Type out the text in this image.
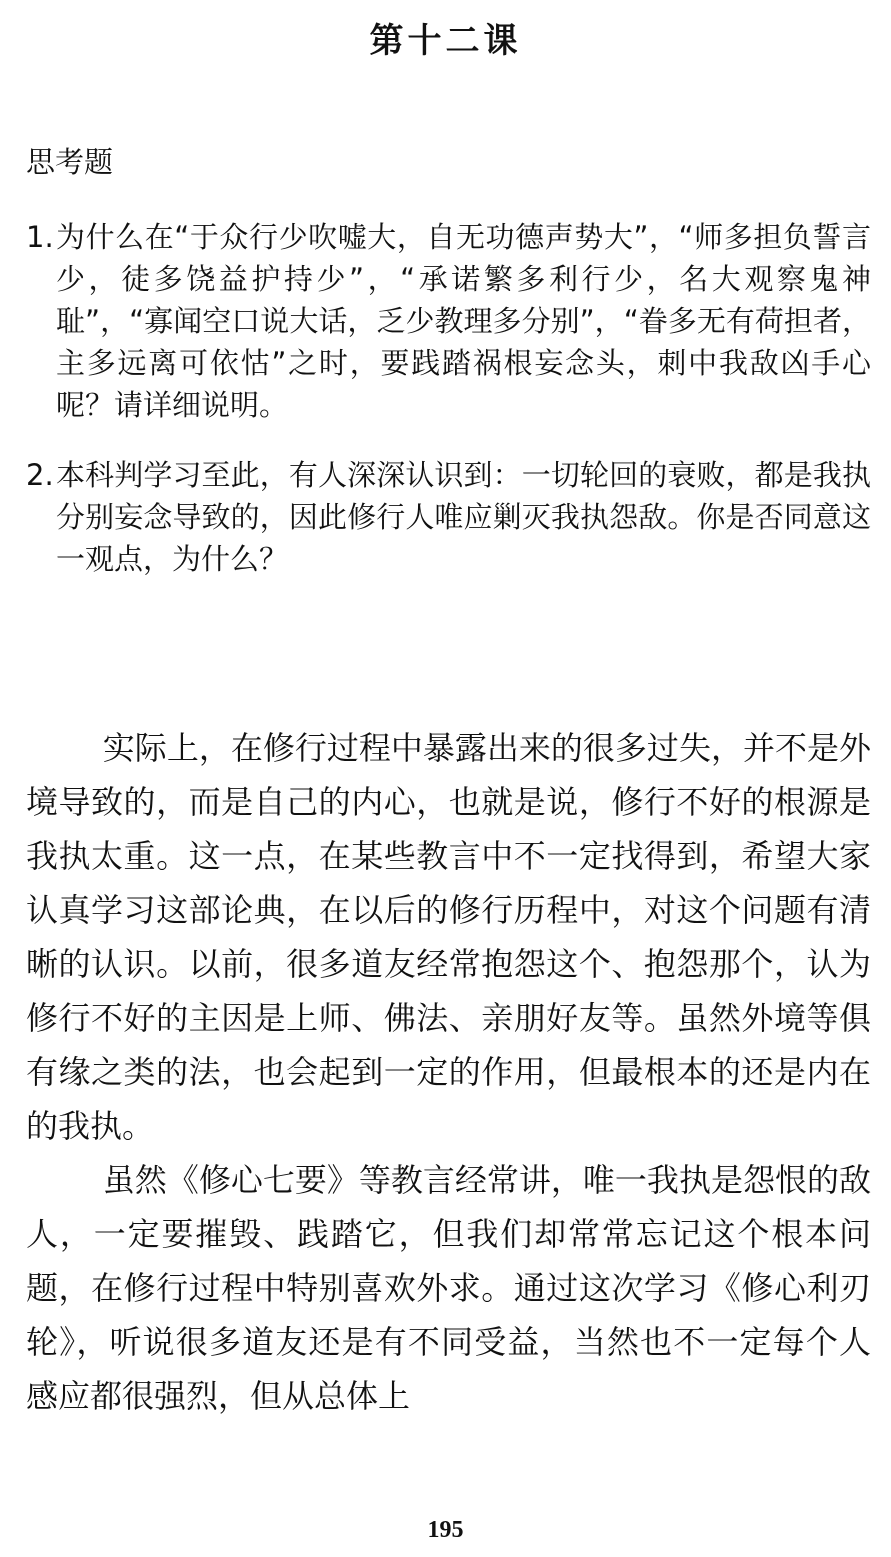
第十二课
思考题
1. 为什么在“于众行少吹嘘大，自无功德声势大”，“师多担负誓言少，徒多饶益护持少”，“承诺繁多利行少，名大观察鬼神耻”，“寡闻空口说大话，乏少教理多分别”，“眷多无有荷担者，主多远离可依怙”之时，要践踏祸根妄念头，刺中我敌凶手心呢？请详细说明。
2. 本科判学习至此，有人深深认识到：一切轮回的衰败，都是我执分别妄念导致的，因此修行人唯应剿灭我执怨敌。你是否同意这一观点，为什么？

实际上，在修行过程中暴露出来的很多过失，并不是外境导致的，而是自己的内心，也就是说，修行不好的根源是我执太重。这一点，在某些教言中不一定找得到，希望大家认真学习这部论典，在以后的修行历程中，对这个问题有清晰的认识。以前，很多道友经常抱怨这个、抱怨那个，认为修行不好的主因是上师、佛法、亲朋好友等。虽然外境等俱有缘之类的法，也会起到一定的作用，但最根本的还是内在的我执。

虽然《修心七要》等教言经常讲，唯一我执是怨恨的敌人，一定要摧毁、践踏它，但我们却常常忘记这个根本问题，在修行过程中特别喜欢外求。通过这次学习《修心利刃轮》，听说很多道友还是有不同受益，当然也不一定每个人感应都很强烈，但从总体上

195
